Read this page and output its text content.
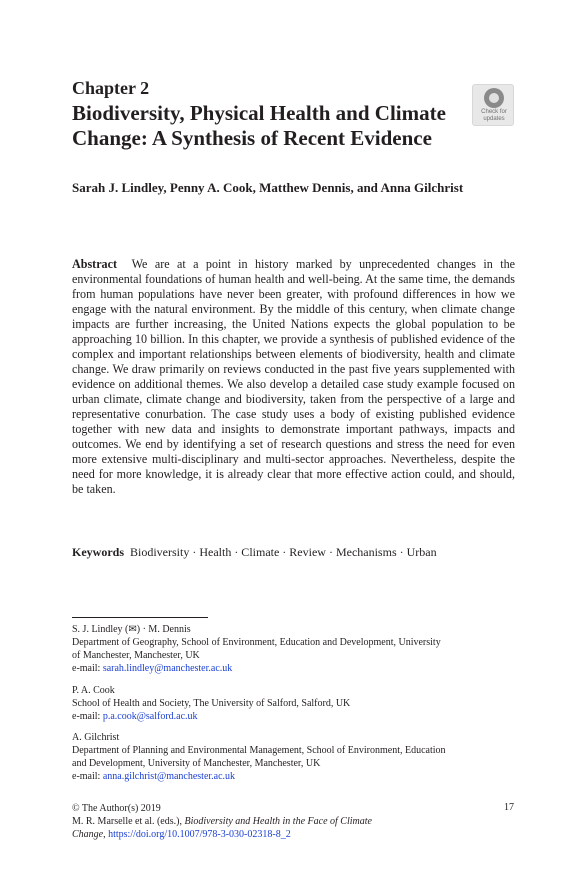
Chapter 2
Biodiversity, Physical Health and Climate
Change: A Synthesis of Recent Evidence
Check for
updates
Sarah J. Lindley, Penny A. Cook, Matthew Dennis, and Anna Gilchrist
Abstract We are at a point in history marked by unprecedented changes in the environmental foundations of human health and well-being. At the same time, the demands from human populations have never been greater, with profound differences in how we engage with the natural environment. By the middle of this century, when climate change impacts are further increasing, the United Nations expects the global population to be approaching 10 billion. In this chapter, we provide a synthesis of published evidence of the complex and important relationships between elements of biodiversity, health and climate change. We draw primarily on reviews conducted in the past five years supplemented with evidence on additional themes. We also develop a detailed case study example focused on urban climate, climate change and biodiversity, taken from the perspective of a large and representative conurbation. The case study uses a body of existing published evidence together with new data and insights to demonstrate important pathways, impacts and outcomes. We end by identifying a set of research questions and stress the need for even more extensive multi-disciplinary and multi-sector approaches. Nevertheless, despite the need for more knowledge, it is already clear that more effective action could, and should, be taken.
Keywords Biodiversity · Health · Climate · Review · Mechanisms · Urban
S. J. Lindley (✉) · M. Dennis
Department of Geography, School of Environment, Education and Development, University
of Manchester, Manchester, UK
e-mail: sarah.lindley@manchester.ac.uk
P. A. Cook
School of Health and Society, The University of Salford, Salford, UK
e-mail: p.a.cook@salford.ac.uk
A. Gilchrist
Department of Planning and Environmental Management, School of Environment, Education
and Development, University of Manchester, Manchester, UK
e-mail: anna.gilchrist@manchester.ac.uk
© The Author(s) 2019
M. R. Marselle et al. (eds.), Biodiversity and Health in the Face of Climate
Change, https://doi.org/10.1007/978-3-030-02318-8_2
17
